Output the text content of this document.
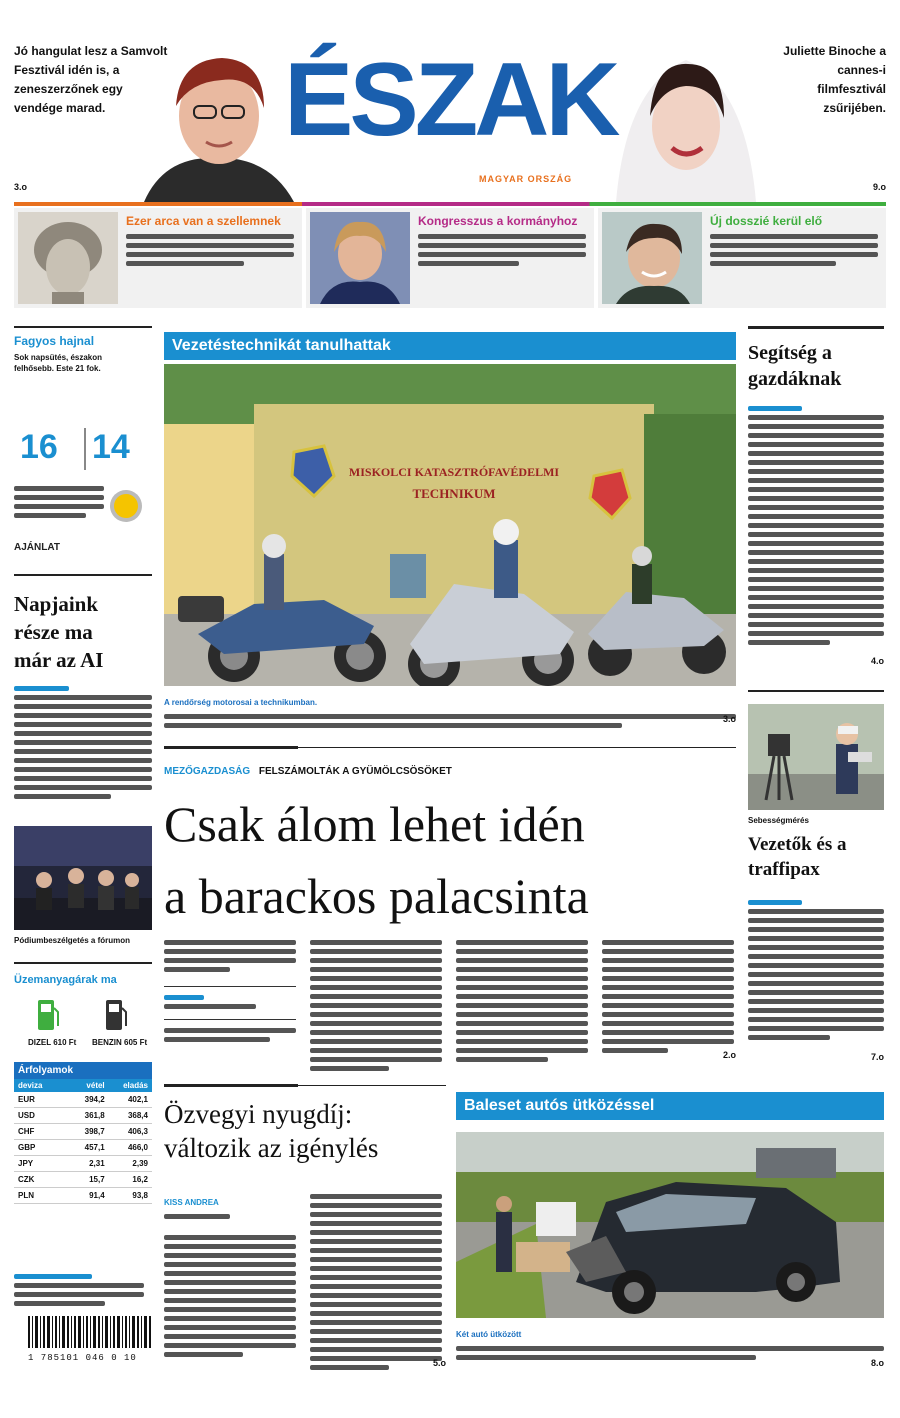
Jó hangulat lesz a Samvolt Fesztivál idén is, a zeneszerzőnek egy vendége marad.
3.o
ÉSZAK
MAGYAR ORSZÁG
Juliette Binoche a cannes-i filmfesztivál zsűrijében.
9.o
Ezer arca van a szellemnek	Kongresszus a kormányhoz	Új dosszié kerül elő
Fagyos hajnal
Sok napsütés, északon felhősebb. Este 21 fok.
16 14
AJÁNLAT
Napjaink része ma már az AI
Pódiumbeszélgetés a fórumon
Üzemanyagárak ma
DIZEL 610 Ft BENZIN 605 Ft
Árfolyamok
deviza	vétel	eladás
EUR	394,2	402,1
USD	361,8	368,4
CHF	398,7	406,3
GBP	457,1	466,0
JPY	2,31	2,39
CZK	15,7	16,2
PLN	91,4	93,8
1 785101 046 0 10
Vezetéstechnikát tanulhattak
MISKOLCI KATASZTRÓFAVÉDELMI
TECHNIKUM
A rendőrség motorosai a technikumban.
3.o
MEZŐGAZDASÁG FELSZÁMOLTÁK A GYÜMÖLCSÖSÖKET
Csak álom lehet idén
a barackos palacsinta
2.o
Özvegyi nyugdíj:
változik az igénylés
KISS ANDREA
5.o
Baleset autós ütközéssel
Két autó ütközött
8.o
Segítség a gazdáknak
4.o
Sebességmérés
Vezetők és a traffipax
7.o
